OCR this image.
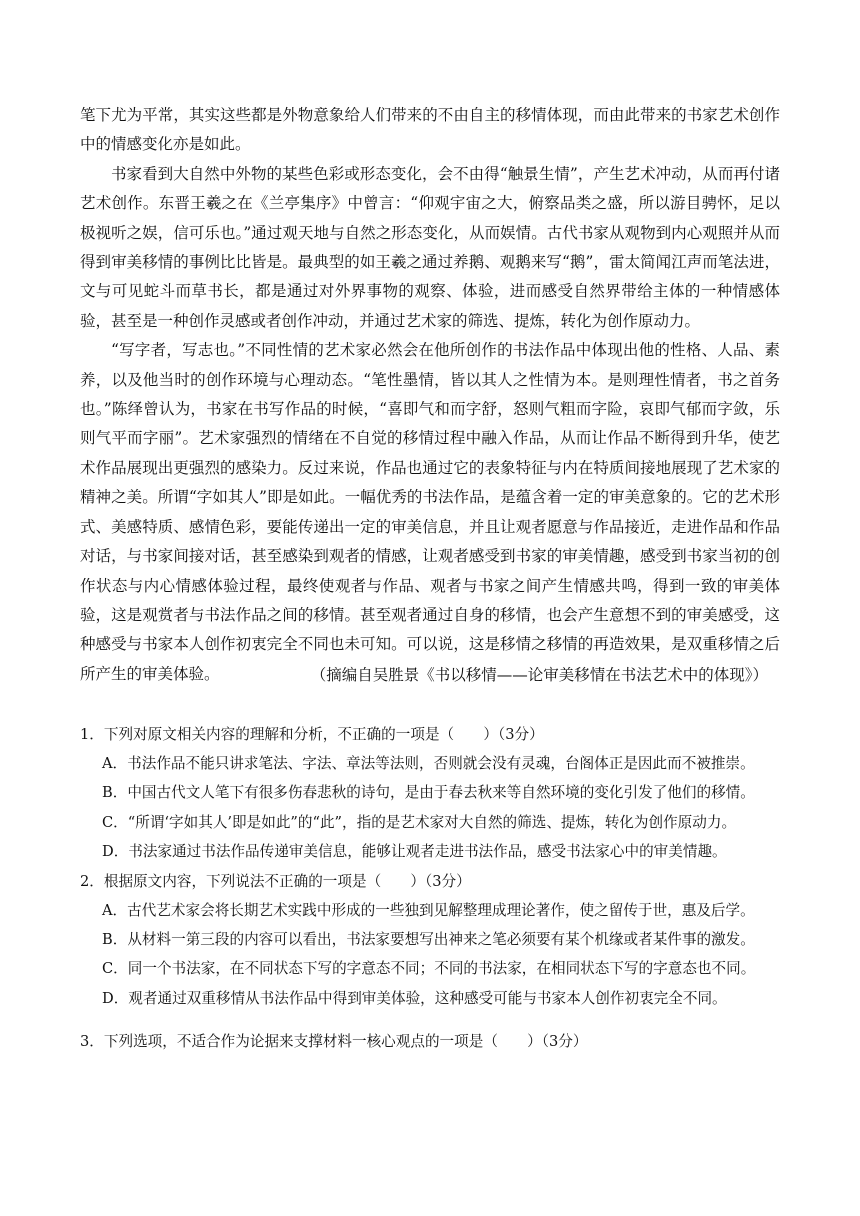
笔下尤为平常，其实这些都是外物意象给人们带来的不由自主的移情体现，而由此带来的书家艺术创作中的情感变化亦是如此。

书家看到大自然中外物的某些色彩或形态变化，会不由得“触景生情”，产生艺术冲动，从而再付诸艺术创作。东晋王羲之在《兰亭集序》中曾言：“仰观宇宙之大，俯察品类之盛，所以游目骋怀，足以极视听之娱，信可乐也。”通过观天地与自然之形态变化，从而娱情。古代书家从观物到内心观照并从而得到审美移情的事例比比皆是。最典型的如王羲之通过养鹅、观鹅来写“鹅”，雷太简闻江声而笔法进，文与可见蛇斗而草书长，都是通过对外界事物的观察、体验，进而感受自然界带给主体的一种情感体验，甚至是一种创作灵感或者创作冲动，并通过艺术家的筛选、提炼，转化为创作原动力。

“写字者，写志也。”不同性情的艺术家必然会在他所创作的书法作品中体现出他的性格、人品、素养，以及他当时的创作环境与心理动态。“笔性墨情，皆以其人之性情为本。是则理性情者，书之首务也。”陈绎曾认为，书家在书写作品的时候，“喜即气和而字舒，怒则气粗而字险，哀即气郁而字敛，乐则气平而字丽”。艺术家强烈的情绪在不自觉的移情过程中融入作品，从而让作品不断得到升华，使艺术作品展现出更强烈的感染力。反过来说，作品也通过它的表象特征与内在特质间接地展现了艺术家的精神之美。所谓“字如其人”即是如此。一幅优秀的书法作品，是蕴含着一定的审美意象的。它的艺术形式、美感特质、感情色彩，要能传递出一定的审美信息，并且让观者愿意与作品接近，走进作品和作品对话，与书家间接对话，甚至感染到观者的情感，让观者感受到书家的审美情趣，感受到书家当初的创作状态与内心情感体验过程，最终使观者与作品、观者与书家之间产生情感共鸣，得到一致的审美体验，这是观赏者与书法作品之间的移情。甚至观者通过自身的移情，也会产生意想不到的审美感受，这种感受与书家本人创作初衷完全不同也未可知。可以说，这是移情之移情的再造效果，是双重移情之后所产生的审美体验。	（摘编自吴胜景《书以移情——论审美移情在书法艺术中的体现》）

1．下列对原文相关内容的理解和分析，不正确的一项是（　　）（3分）

A．书法作品不能只讲求笔法、字法、章法等法则，否则就会没有灵魂，台阁体正是因此而不被推崇。

B．中国古代文人笔下有很多伤春悲秋的诗句，是由于春去秋来等自然环境的变化引发了他们的移情。

C．“所谓‘字如其人’即是如此”的“此”，指的是艺术家对大自然的筛选、提炼，转化为创作原动力。

D．书法家通过书法作品传递审美信息，能够让观者走进书法作品，感受书法家心中的审美情趣。

2．根据原文内容，下列说法不正确的一项是（　　）（3分）

A．古代艺术家会将长期艺术实践中形成的一些独到见解整理成理论著作，使之留传于世，惠及后学。

B．从材料一第三段的内容可以看出，书法家要想写出神来之笔必须要有某个机缘或者某件事的激发。

C．同一个书法家，在不同状态下写的字意态不同；不同的书法家，在相同状态下写的字意态也不同。

D．观者通过双重移情从书法作品中得到审美体验，这种感受可能与书家本人创作初衷完全不同。

3．下列选项，不适合作为论据来支撑材料一核心观点的一项是（　　）（3分）
